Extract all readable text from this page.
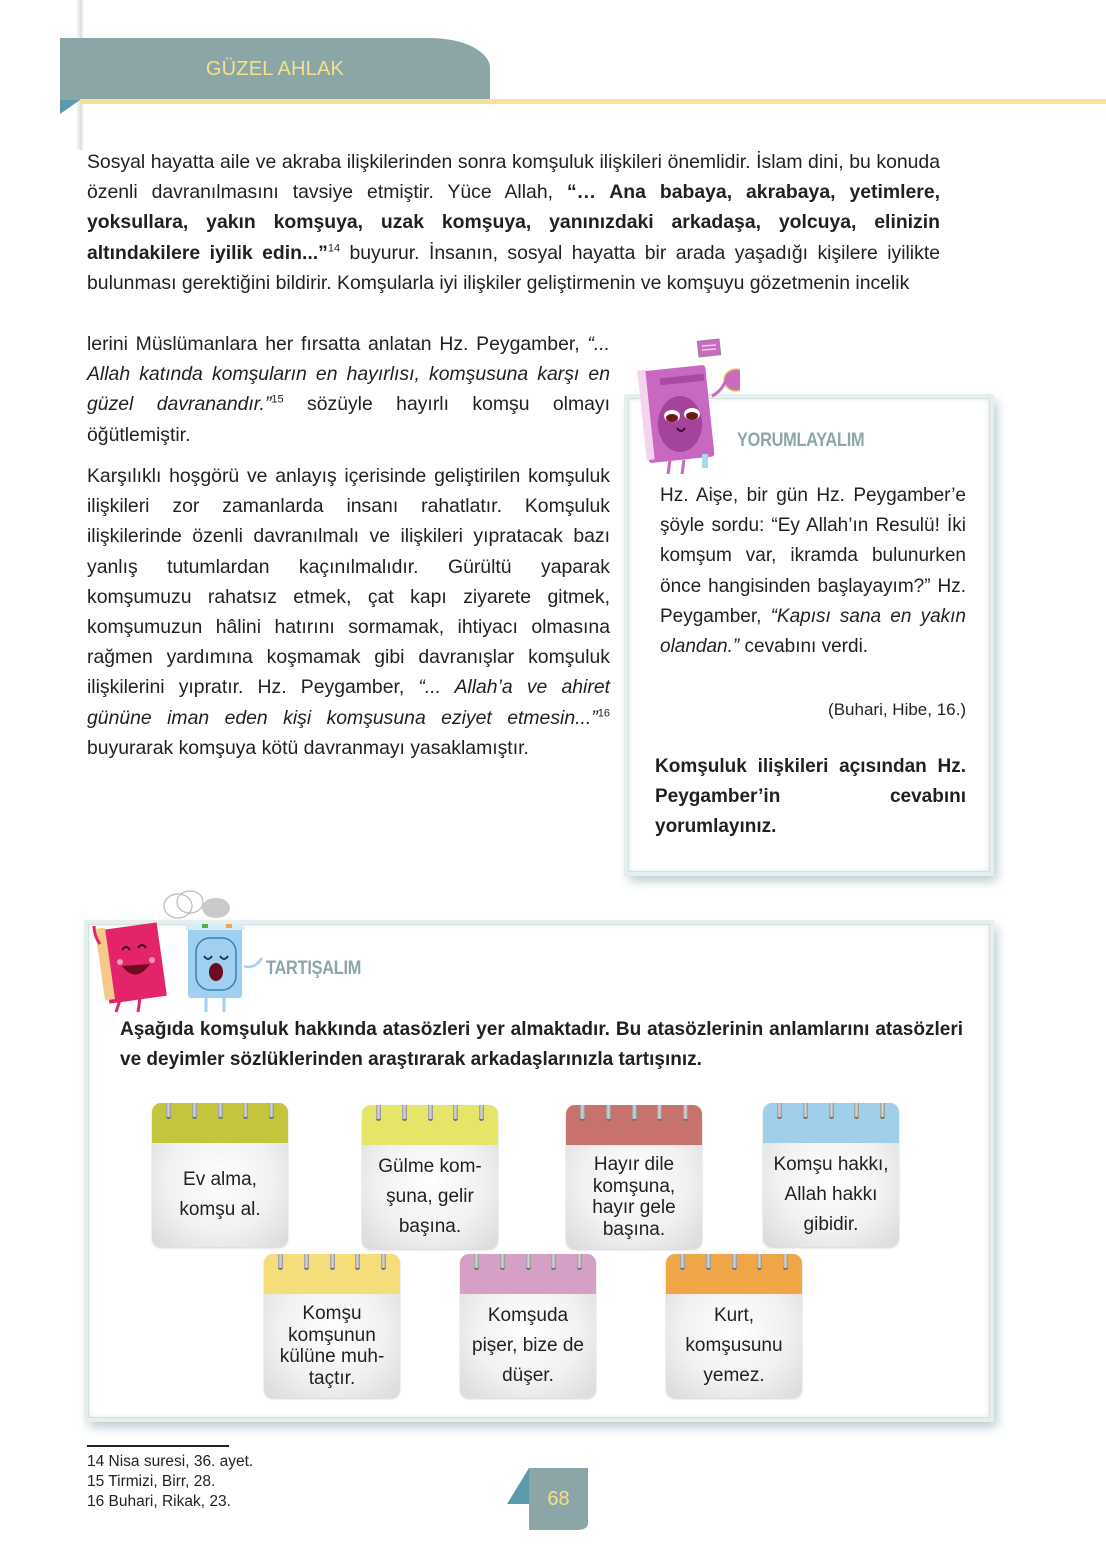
GÜZEL AHLAK
Sosyal hayatta aile ve akraba ilişkilerinden sonra komşuluk ilişkileri önemlidir. İslam dini, bu konuda özenli davranılmasını tavsiye etmiştir. Yüce Allah, “… Ana babaya, akrabaya, yetimlere, yoksullara, yakın komşuya, uzak komşuya, yanınızdaki arkadaşa, yolcuya, elinizin altındakilere iyilik edin...”$^{14}$ buyurur. İnsanın, sosyal hayatta bir arada yaşadığı kişilere iyilikte bulunması gerektiğini bildirir. Komşularla iyi ilişkiler geliştirmenin ve komşuyu gözetmenin incelik
lerini Müslümanlara her fırsatta anlatan Hz. Peygamber, “... Allah katında komşuların en hayırlısı, komşusuna karşı en güzel davranandır.”$^{15}$ sözüyle hayırlı komşu olmayı öğütlemiştir.
Karşılıklı hoşgörü ve anlayış içerisinde geliştirilen komşuluk ilişkileri zor zamanlarda insanı rahatlatır. Komşuluk ilişkilerinde özenli davranılmalı ve ilişkileri yıpratacak bazı yanlış tutumlardan kaçınılmalıdır. Gürültü yaparak komşumuzu rahatsız etmek, çat kapı ziyarete gitmek, komşumuzun hâlini hatırını sormamak, ihtiyacı olmasına rağmen yardımına koşmamak gibi davranışlar komşuluk ilişkilerini yıpratır. Hz. Peygamber, “... Allah’a ve ahiret gününe iman eden kişi komşusuna eziyet etmesin...”$^{16}$ buyurarak komşuya kötü davranmayı yasaklamıştır.
YORUMLAYALIM
Hz. Aişe, bir gün Hz. Peygamber’e şöyle sordu: “Ey Allah’ın Resulü! İki komşum var, ikramda bulunurken önce hangisinden başlayayım?” Hz. Peygamber, “Kapısı sana en yakın olandan.” cevabını verdi.
(Buhari, Hibe, 16.)
Komşuluk ilişkileri açısından Hz. Peygamber’in cevabını yorumlayınız.
TARTIŞALIM
Aşağıda komşuluk hakkında atasözleri yer almaktadır. Bu atasözlerinin anlamlarını atasözleri ve deyimler sözlüklerinden araştırarak arkadaşlarınızla tartışınız.
Ev alma, komşu al.
Gülme komşuna, gelir başına.
Hayır dile komşuna, hayır gele başına.
Komşu hakkı, Allah hakkı gibidir.
Komşu komşunun külüne muhtaçtır.
Komşuda pişer, bize de düşer.
Kurt, komşusunu yemez.
14 Nisa suresi, 36. ayet.
15 Tirmizi, Birr, 28.
16 Buhari, Rikak, 23.	68
